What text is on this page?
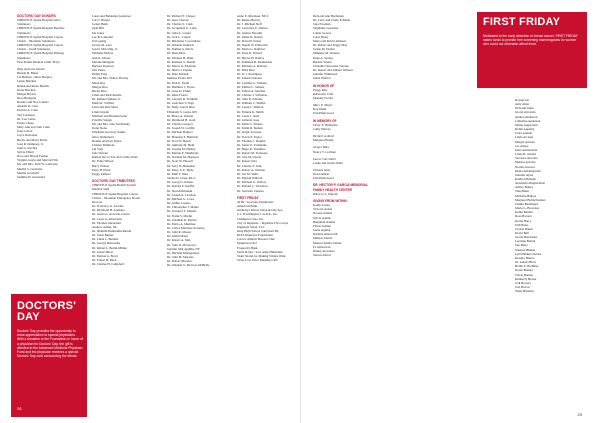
DOCTORS' DAY DONORS
CHRISTUS Spohn Hospital Alice
Volunteers
CHRISTUS Spohn Hospital Beeville
Volunteers
CHRISTUS Spohn Hospital Corpus
Christi – Shoreline Volunteers
CHRISTUS Spohn Hospital Corpus
Christi – South Volunteers
CHRISTUS Spohn Hospital Kleberg
Volunteers
First Poutin Medical Clinic PLLC
Olga and Luis Abrain
Brenda B. Baker
Liz Benitez / Alisa Hospice
Lynne Blacklet
Ruben and Rosie Bonilla
Dona Bracken
Margie Bryant
Dora Byington
Rosalio and Noe Cadena
Andelia R. Cano
Patricia A. Cano
Teri Cardenas
Dr. Lou Carter
Estela Chapa
Mary Ann and Tom Colin
June Cotton
Joyce Davidson
Becky and Marty Davis
Joan R. Dempsey, Jr.
June G. Dyches
Sylvia Elliott
Nora and Myron Farmer
Virginia Gayle and Marvin Fills
Mr. and Mrs. John W. Galloway
Martha S. Gonzalez
Martha Goodwill
Sammie H. Grunwald
DOCTORS' DAY
Doctors' Day provides the opportunity to show appreciation to special physicians. With a donation to the Foundation in honor of a physician for Doctors' Day, the gift is directed to the Advanced Medicine Physician Fund and the physician receives a special Doctors' Day card announcing the tribute.
28
Laura and Baldemar Gutierrez
Carl J. Harper
Jackie Heim
Opal Hill
Ida Jones
Lee B. Lamplier
Ed Lessing
Gracie M. Lara
Jon D. McCallip, Jr.
Michelle McIver
Ann K. Moore
Maxine Munguia
Barbara Peterson
Otis Petko
Debby Pilat
Mr. and Mrs. Walter Priestly
Mack Ray
Margot Rice
Becky Rice
Linda and Rick Roeble
Dr. Manuel Salinas, Jr.
Maria R. Schiller
Lynn and Don Shaw
Linda Snyder
Maribell and Herman Sofia
Priscilla Stange
Mr. and Mrs. Otto Stechinsky
Katie Stone
Elizabeth and Jerry Sumer
Alice Sutherland
Bonnie and Ken Taylor
Charles Timmons
Jan Vogt
Jane Warren
Ramon De La Paz and Cetina Watts
Dr. Ernie Wilson
Barry Wilson
Patsy H Wynn
Peggy Zamora
DOCTORS' DAY TRIBUTEES
CHRISTUS Spohn Health System
Medical Staff
CHRISTUS Spohn Hospital Corpus
Christi – Shoreline Emergency Room
Doctors
Dr. Francisco A. Arcaute
Dr. Raymond B. Arellano
Dr. Jessica I. Acevedo-Garcia
Dr. Cesar A. Albarracin
Dr. Thomas Alexander
Andrew Arthur, PA
Dr. Shamim Badruddin-Merali
Dr. Jason Barnes
Dr. Linda L. Benitez
Dr. George Benavides
Dr. Rafael L. Bettin-Mimia
Dr. Gebert Blow
Dr. Marion A. Boyd
Dr. Ernest D. Buck
Dr. Charles H. Campbell
Dr. Richard F. Chapoy
Dr. Isaac Chavez
Dr. Charles S. Clark
Dr. Jacqueline E. Cohn
Dr. John A. Cotner
Dr. Jack L. Cotten
Dr. Baldemar Covarrubias
Dr. Orlando Damaris
Dr. Nathan A. Davis
Dr. Rene Diaz
Dr. Thomas H. Dietz
Dr. Romana V. Donati
Dr. Marco A. Elizondo
Dr. Sherri J. Espino
Dr. Dale Eubank
Melissa Evans, RN
Dr. Paul E. Farah
Dr. Matthew J. Flores
Dr. Jesse D. Fisher
Dr. Rene Franco
Dr. Carolyn R. Franklin
Dr. Gretchen T. Fuga
Dr. Nelly Garcia Rios
Elizabeth S. Garza, RN
Dr. Bruce A. Gibson
Dr. Raymond H. Gold
Dr. Charles Gregory
Dr. Joseph W. Griffin
Dr. Michael Halpert
Dr. Brandon T. Hamrick
Dr. Fred W. Hesch
Dr. Anthony M. Hein
Dr. Jorome M. Hickey
Dr. Marian E. Hendricks
Dr. Norman M. Hopsson
Dr. Scott W. Howell
Dr. Jerry D. Hunsaker
Dr. Mary Jo E. Hyde
Dr. Ruth F. Imes
Tarsha D. Jones, PA-C
Dr. Georg G. Kamar
Dr. Ronald E. Kieffel
Dr. Suresh Kilaneni
Dr. Joseph A. Lavalais
Dr. Michael G. Lowe
Dr. Arthur Lozano
Dr. Christopher J. Majka
Dr. Terrance T. Manale
Dr. Frank S. Martin
Dr. Jonathan K. Martin
Dr. Mario A. Martinez
Dr. Carlos Martinez-Sotomoy
Dr. John R. Mason
Dr. Abdul Matar
Dr. Robert A. May
Dr. John D. McGrover
Jennifer McLaughlin, NP
Dr. Michael Montgomery
Dr. John M. Morales
Dr. Robert Morales
Dr. Amanda V. Morrow-McBride
Anne E. Morrison, NP-C
Dr. Renee Murray
Dr. J. Michael Neff
Dr. Lawrence E. Nelson
Dr. Andres Nicolini
Dr. Jamie D. Ousley
Dr. David P. Pettus
Dr. Nanda W. Pollioclik
Dr. Maria G. Ramirez
Dr. Peter R. Pollard
Dr. Hector H. Ramos
Dr. Kathleen R. Rasmussen
Dr. Mariano A. Retrepo
Dr. Billy Rios
Dr. O. J. Rodriguez
Dr. Zakaria Saleem
Dr. Cynthia G. Saldana
Dr. Emilio C. Salinas
Dr. Fabian A. Sanchez
Dr. Charles J. Schreiber
Dr. John R. Schulze
Dr. William L. Shaffer
Dr. Laura L. Shelton
Dr. Pamela K. Smith
Dr. Laura J. Soler
Dr. Gilberto Sosa
Dr. Mark G. Strauss
Dr. Salim R. Suman
Dr. Sergio Terrazas
Dr. Travis P. Taylor
Dr. Thomas J. Tiemier
Dr. James E. Tompkins
Dr. Hugo R. Tolentino
Dr. Robert M. Tschoepe
Dr. Jose M. Uparte
Dr. Robert Vela
Dr. Charles T. Volk
Dr. Robert A. Webster
Dr. Jed M. Wells
Dr. Myriah Wilborn
Dr. Michael G. Wilcox
Dr. Ronald C. Woodson
Dr. Salvador Zamora
FIRST FRIDAY
24 Hr / Gracious Pantmaster
American Bank
Anthony's Rivera Salon & Day Spa
C.J. Frischington C.A.R.E., Inc.
Chamiere Cares, Inc.
City of Ingleside – Ingleside Five Corps
Engenuix Salon, LLC
King High School Volleyball BC
KIXI Employee Foundation
Lucio's Athletic Booster Club
Pampered Chef
Prosperity Bank
Stella & Dot / Lori Anne Hinnichek
Team Strand for Making Strides Walk
Texas Low Voice Running Club
Deborah Ann Buchanan
Dr. Larry and Cindy Eckman
Jana Freeman
Stephanie Gonzales
Lamar Graves
Carol Haley
Marta and David Johnson
Dr. Robert and Peggy May
Jackie M. Nation
Minnette M. Ornelas
Dana A. Syring
Barnett Trades
Christine Newsome Trevino
Dr. Robert and Allison Webster
Jennifer Wilkinson
Jenna Wolfert
IN HONOR OF
Peggy May
Rebetastic Club
Monday Frolics
Mary E. Moyer
Kay Dunn
Erin Hazlewood
IN MEMORY OF
Victor E. Billington
Cathy Harvey
Herbert A. Reed
Margaret Bailey
Ginger Riley
Nancy T. Lochner
Laura Cole Smith
Leslie and Glenn Ottler
Thomas Sotis
Don Guthrie
Erin Hazlewood
DR. HECTOR P. GARCIA MEMORIAL
FAMILY HEALTH CENTER
Rebecca L. Ingram
GIVING FROM WITHIN
Kathy Acuna
Victoria Acuna
Noreen Adams
Sylvia Adams
Benjamin Adame
Flavia Adame
Sonia Aguilar
Kristina Ainsworth
Melissa Alaniz
Monica Alaniz-Valdez
Fe Albarracin
Danny Alcantara
Steven Alford
FIRST FRIDAY
Dedicated to the early detection of breast cancer, FIRST FRIDAY raises funds to provide free screening mammograms for women who could not otherwise afford them.
Rowan Ali
Amy Allen
Deborah Allen
Gloria Alvarado
Andrea Anderson
Catherine Anderson
Selma Angerstein
Robin Appleby
Clara Aranda
Linda Arcaute
Margie Arevalo
Joe Arispe
Irene Armendariz
Linda R. Arnold
Veronica Arrocha
Melissa Arevalo
Norma Atwood
Diana Aufdengarten
Jennifer Ayala
Kathryn Babalis
Antonietta Bagnis-Rust
Ashley Bailey
Tina Baker
Michelle Balboa
Margaret Baldschwieler
Jasmin Banisaged
Maria G. Barcenas
Kellie Barnett
Rosa Barrera
Dorita Barry
Will Bates
Crystal Baum
David Bell
Gloria Benavides
Lorraine Bernal
Sue Berry
Vanessa Bhakta
Lynn Bhakta-Lincke
Rosario Blanco
Dr. Gebert Blow
Hollie E. Bodimer
Karen Bonner
Tracie Bonner
Kimberly Boone
Jodi Bowers
Josi Brown
Wany Burland
29
